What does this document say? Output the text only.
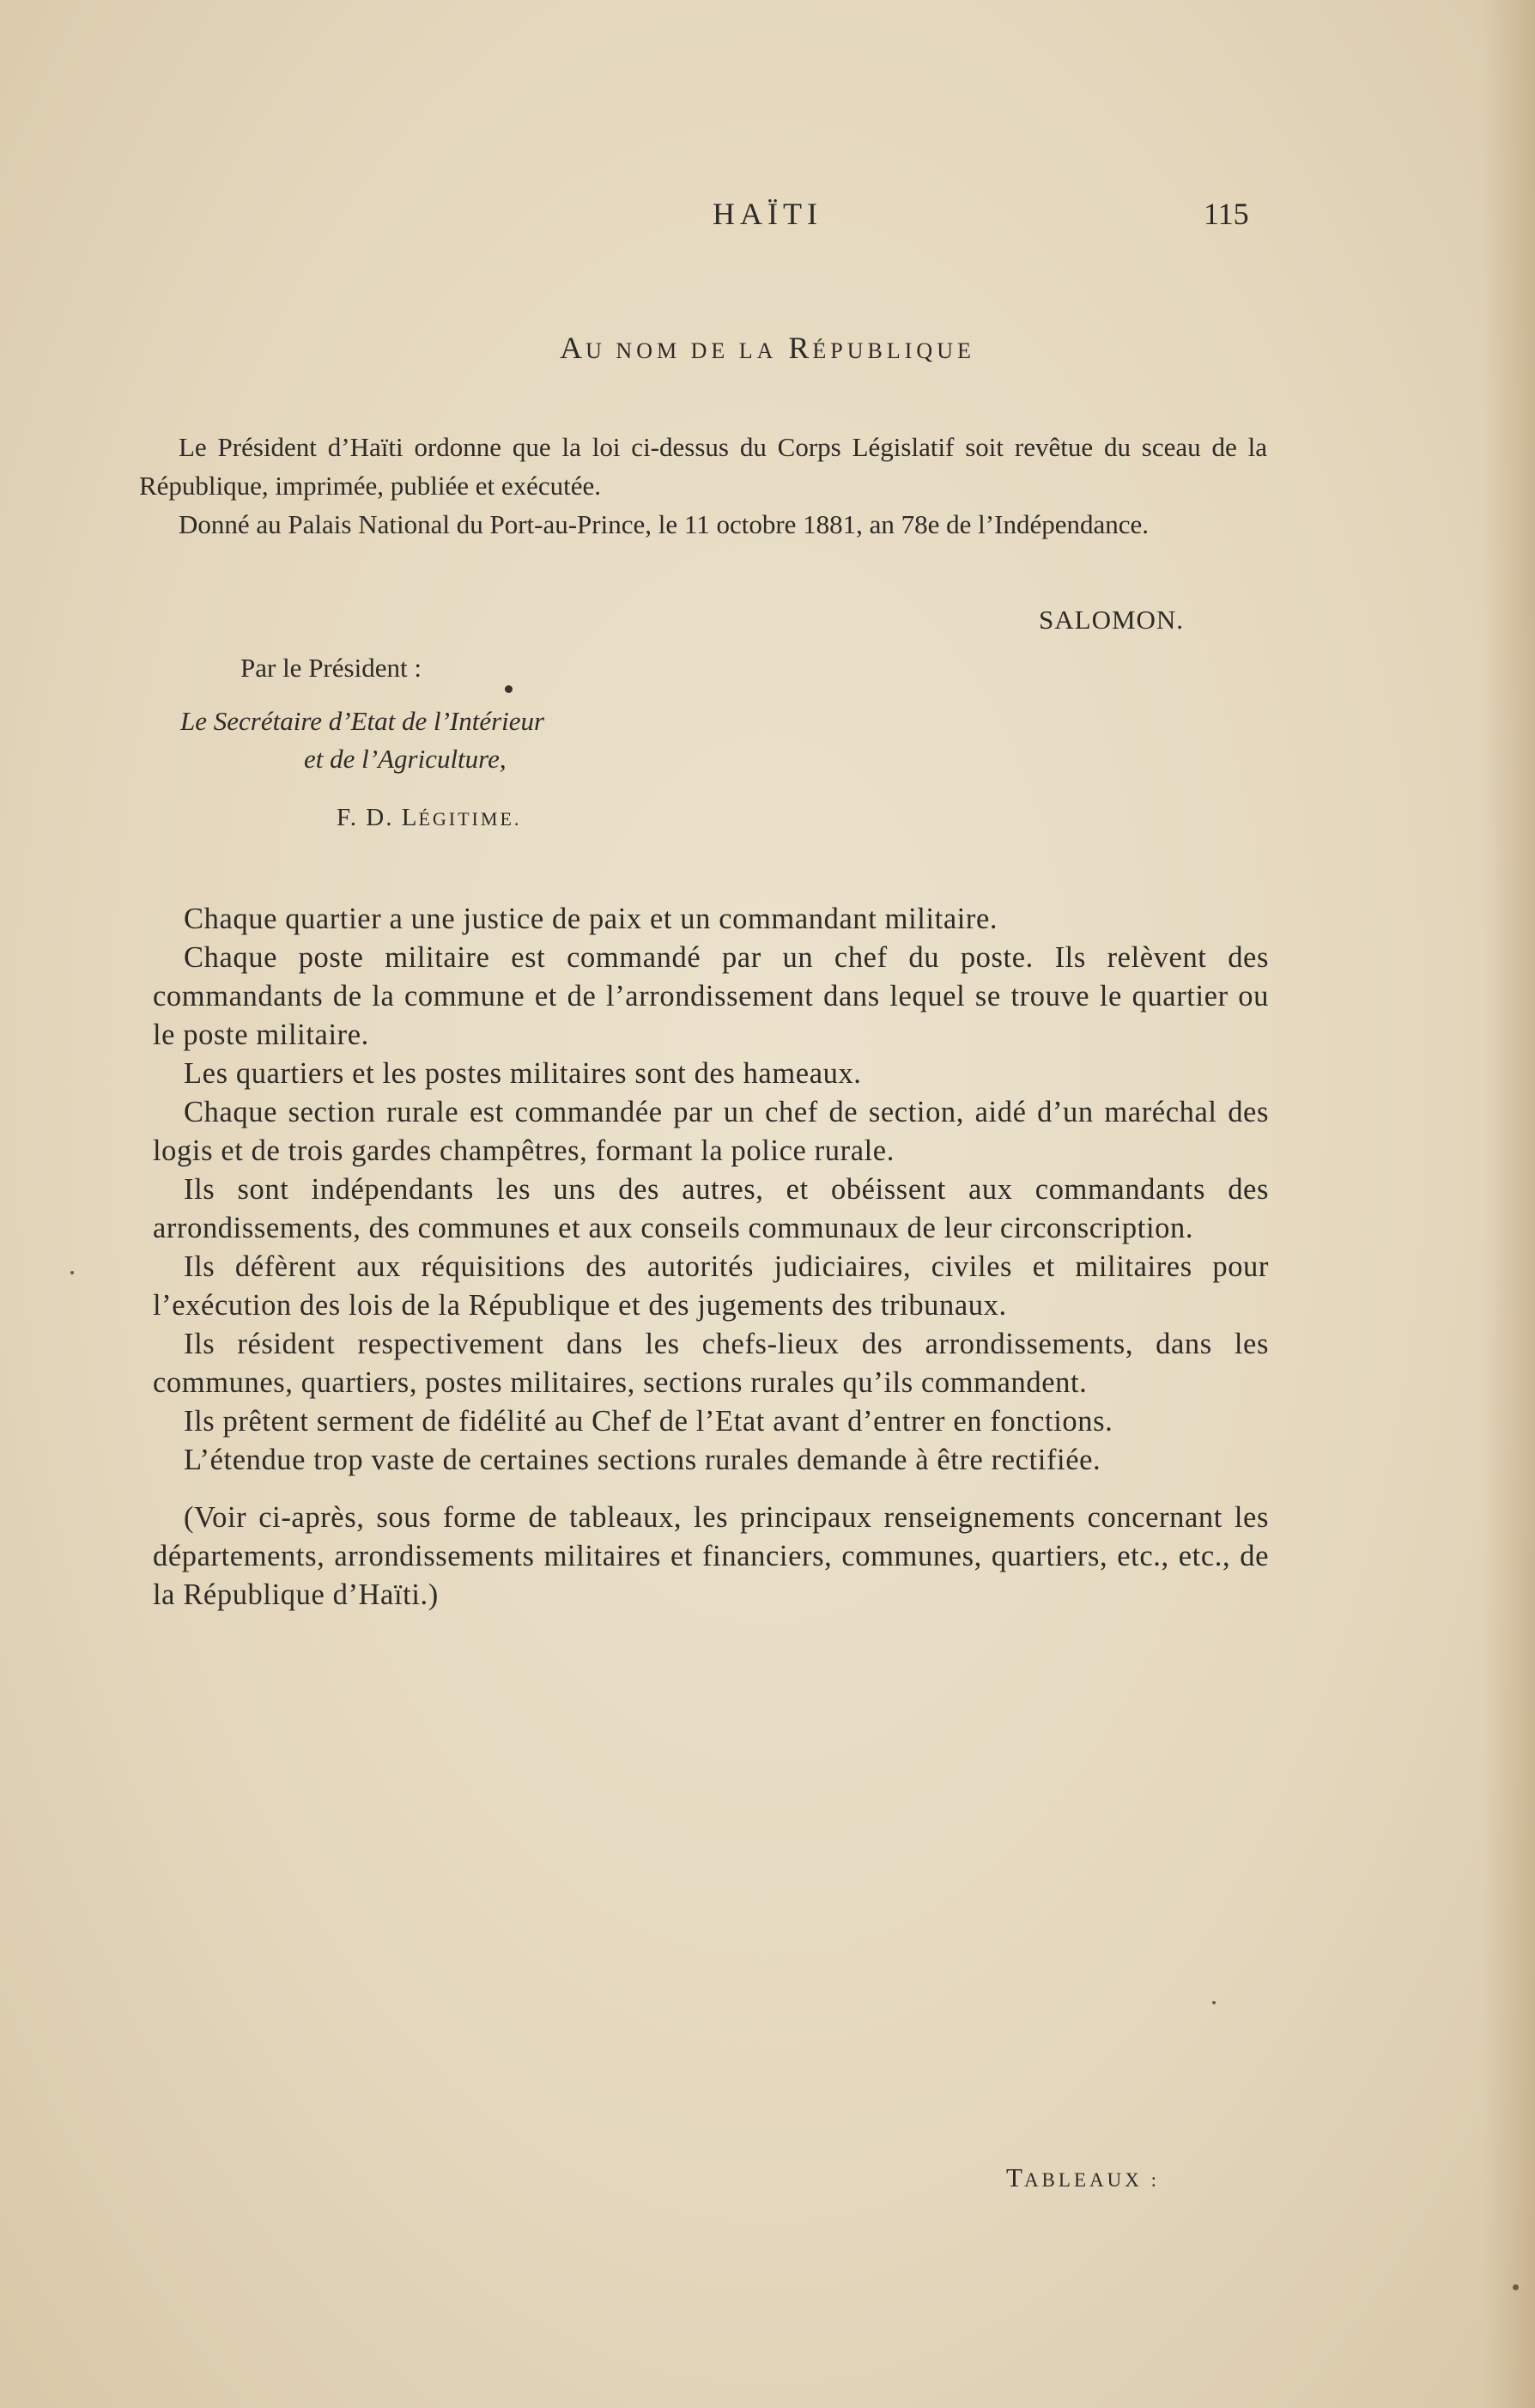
HAÏTI	115
AU NOM DE LA RÉPUBLIQUE

Le Président d’Haïti ordonne que la loi ci-dessus du Corps Législatif soit revêtue du sceau de la République, imprimée, publiée et exécutée.

Donné au Palais National du Port-au-Prince, le 11 octobre 1881, an 78e de l’Indépendance.

SALOMON.
Par le Président :
Le Secrétaire d’Etat de l’Intérieur
et de l’Agriculture,
F. D. LÉGITIME.

Chaque quartier a une justice de paix et un commandant militaire.

Chaque poste militaire est commandé par un chef du poste. Ils relèvent des commandants de la commune et de l’arrondissement dans lequel se trouve le quartier ou le poste militaire.

Les quartiers et les postes militaires sont des hameaux.

Chaque section rurale est commandée par un chef de section, aidé d’un maréchal des logis et de trois gardes champêtres, formant la police rurale.

Ils sont indépendants les uns des autres, et obéissent aux commandants des arrondissements, des communes et aux conseils communaux de leur circonscription.

Ils défèrent aux réquisitions des autorités judiciaires, civiles et militaires pour l’exécution des lois de la République et des jugements des tribunaux.

Ils résident respectivement dans les chefs-lieux des arrondissements, dans les communes, quartiers, postes militaires, sections rurales qu’ils commandent.

Ils prêtent serment de fidélité au Chef de l’Etat avant d’entrer en fonctions.

L’étendue trop vaste de certaines sections rurales demande à être rectifiée.

(Voir ci-après, sous forme de tableaux, les principaux renseignements concernant les départements, arrondissements militaires et financiers, communes, quartiers, etc., etc., de la République d’Haïti.)

TABLEAUX :
